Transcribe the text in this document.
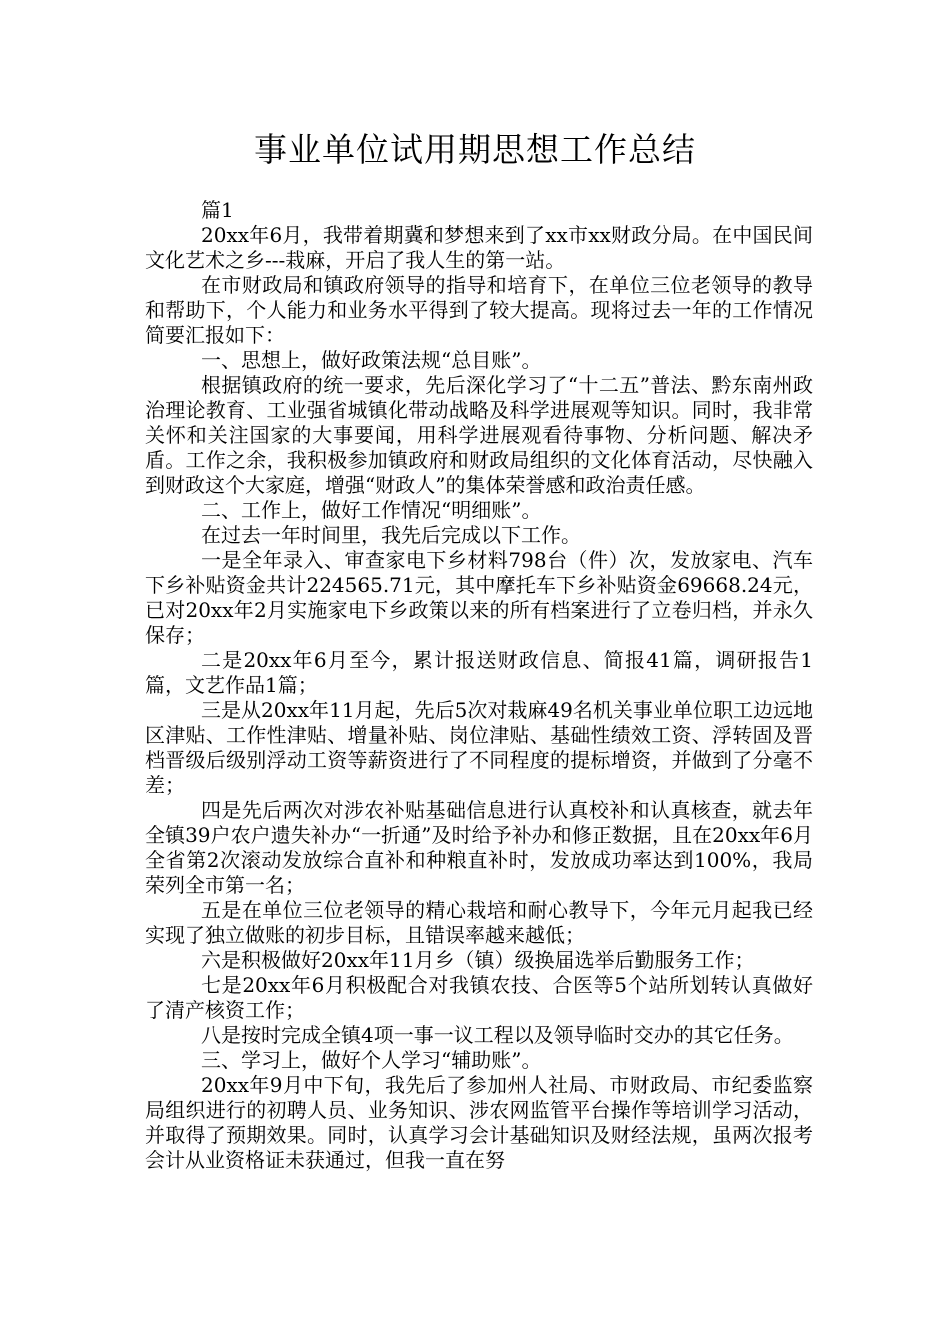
事业单位试用期思想工作总结

篇1

20xx年6月，我带着期冀和梦想来到了xx市xx财政分局。在中国民间文化艺术之乡---栽麻，开启了我人生的第一站。

在市财政局和镇政府领导的指导和培育下，在单位三位老领导的教导和帮助下，个人能力和业务水平得到了较大提高。现将过去一年的工作情况简要汇报如下：

一、思想上，做好政策法规“总目账”。

根据镇政府的统一要求，先后深化学习了“十二五”普法、黔东南州政治理论教育、工业强省城镇化带动战略及科学进展观等知识。同时，我非常关怀和关注国家的大事要闻，用科学进展观看待事物、分析问题、解决矛盾。工作之余，我积极参加镇政府和财政局组织的文化体育活动，尽快融入到财政这个大家庭，增强“财政人”的集体荣誉感和政治责任感。

二、工作上，做好工作情况“明细账”。

在过去一年时间里，我先后完成以下工作。

一是全年录入、审查家电下乡材料798台（件）次，发放家电、汽车下乡补贴资金共计224565.71元，其中摩托车下乡补贴资金69668.24元，已对20xx年2月实施家电下乡政策以来的所有档案进行了立卷归档，并永久保存；

二是20xx年6月至今，累计报送财政信息、简报41篇，调研报告1篇，文艺作品1篇；

三是从20xx年11月起，先后5次对栽麻49名机关事业单位职工边远地区津贴、工作性津贴、增量补贴、岗位津贴、基础性绩效工资、浮转固及晋档晋级后级别浮动工资等薪资进行了不同程度的提标增资，并做到了分毫不差；

四是先后两次对涉农补贴基础信息进行认真校补和认真核查，就去年全镇39户农户遗失补办“一折通”及时给予补办和修正数据，且在20xx年6月全省第2次滚动发放综合直补和种粮直补时，发放成功率达到100%，我局荣列全市第一名；

五是在单位三位老领导的精心栽培和耐心教导下，今年元月起我已经实现了独立做账的初步目标，且错误率越来越低；

六是积极做好20xx年11月乡（镇）级换届选举后勤服务工作；

七是20xx年6月积极配合对我镇农技、合医等5个站所划转认真做好了清产核资工作；

八是按时完成全镇4项一事一议工程以及领导临时交办的其它任务。

三、学习上，做好个人学习“辅助账”。

20xx年9月中下旬，我先后了参加州人社局、市财政局、市纪委监察局组织进行的初聘人员、业务知识、涉农网监管平台操作等培训学习活动，并取得了预期效果。同时，认真学习会计基础知识及财经法规，虽两次报考会计从业资格证未获通过，但我一直在努
